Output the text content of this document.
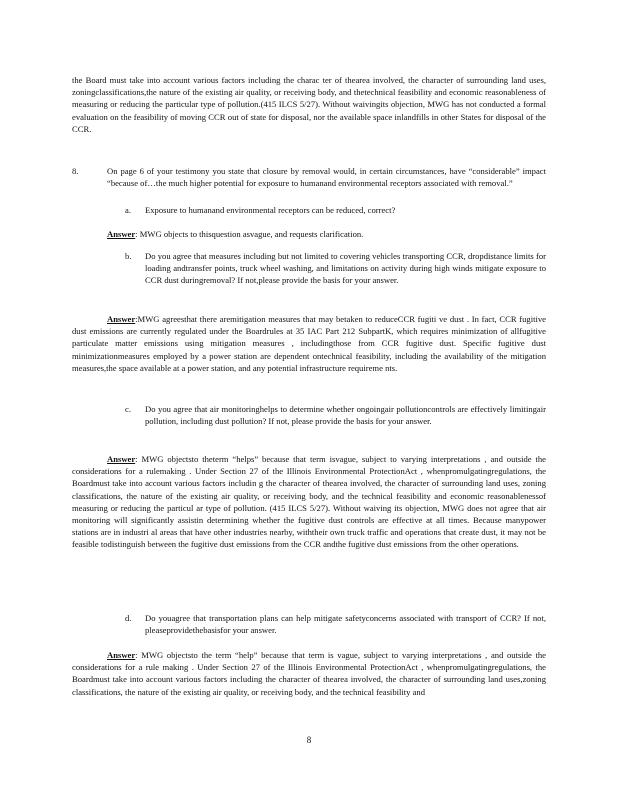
the Board must take into account various factors including the charac ter of thearea involved, the character of surrounding land uses, zoningclassifications,the nature of the existing air quality, or receiving body, and thetechnical feasibility and economic reasonableness of measuring or reducing the particular type of pollution.(415 ILCS 5/27). Without waivingits objection, MWG has not conducted a formal evaluation on the feasibility of moving CCR out of state for disposal, nor the available space inlandfills in other States for disposal of the CCR.

8.	On page 6 of your testimony you state that closure by removal would, in certain circumstances, have “considerable” impact “because of…the much higher potential for exposure to humanand environmental receptors associated with removal.”

a. Exposure to humanand environmental receptors can be reduced, correct?

Answer: MWG objects to thisquestion asvague, and requests clarification.

b. Do you agree that measures including but not limited to covering vehicles transporting CCR, dropdistance limits for loading andtransfer points, truck wheel washing, and limitations on activity during high winds mitigate exposure to CCR dust duringremoval? If not,please provide the basis for your answer.

Answer:MWG agreesthat there aremitigation measures that may betaken to reduceCCR fugiti ve dust . In fact, CCR fugitive dust emissions are currently regulated under the Boardrules at 35 IAC Part 212 SubpartK, which requires minimization of allfugitive particulate matter emissions using mitigation measures , includingthose from CCR fugitive dust. Specific fugitive dust minimizationmeasures employed by a power station are dependent ontechnical feasibility, including the availability of the mitigation measures,the space available at a power station, and any potential infrastructure requireme nts.

c. Do you agree that air monitoringhelps to determine whether ongoingair pollutioncontrols are effectively limitingair pollution, including dust pollution? If not, please provide the basis for your answer.

Answer: MWG objectsto theterm “helps” because that term isvague, subject to varying interpretations , and outside the considerations for a rulemaking . Under Section 27 of the Illinois Environmental ProtectionAct , whenpromulgatingregulations, the Boardmust take into account various factors includin g the character of thearea involved, the character of surrounding land uses, zoning classifications, the nature of the existing air quality, or receiving body, and the technical feasibility and economic reasonablenessof measuring or reducing the particul ar type of pollution. (415 ILCS 5/27). Without waiving its objection, MWG does not agree that air monitoring will significantly assistin determining whether the fugitive dust controls are effective at all times. Because manypower stations are in industri al areas that have other industries nearby, withtheir own truck traffic and operations that create dust, it may not be feasible todistinguish between the fugitive dust emissions from the CCR andthe fugitive dust emissions from the other operations.

d. Do youagree that transportation plans can help mitigate safetyconcerns associated with transport of CCR? If not, pleaseprovidethebasisfor your answer.

Answer: MWG objectsto the term “help” because that term is vague, subject to varying interpretations , and outside the considerations for a rule making . Under Section 27 of the Illinois Environmental ProtectionAct , whenpromulgatingregulations, the Boardmust take into account various factors including the character of thearea involved, the character of surrounding land uses,zoning classifications, the nature of the existing air quality, or receiving body, and the technical feasibility and

8
